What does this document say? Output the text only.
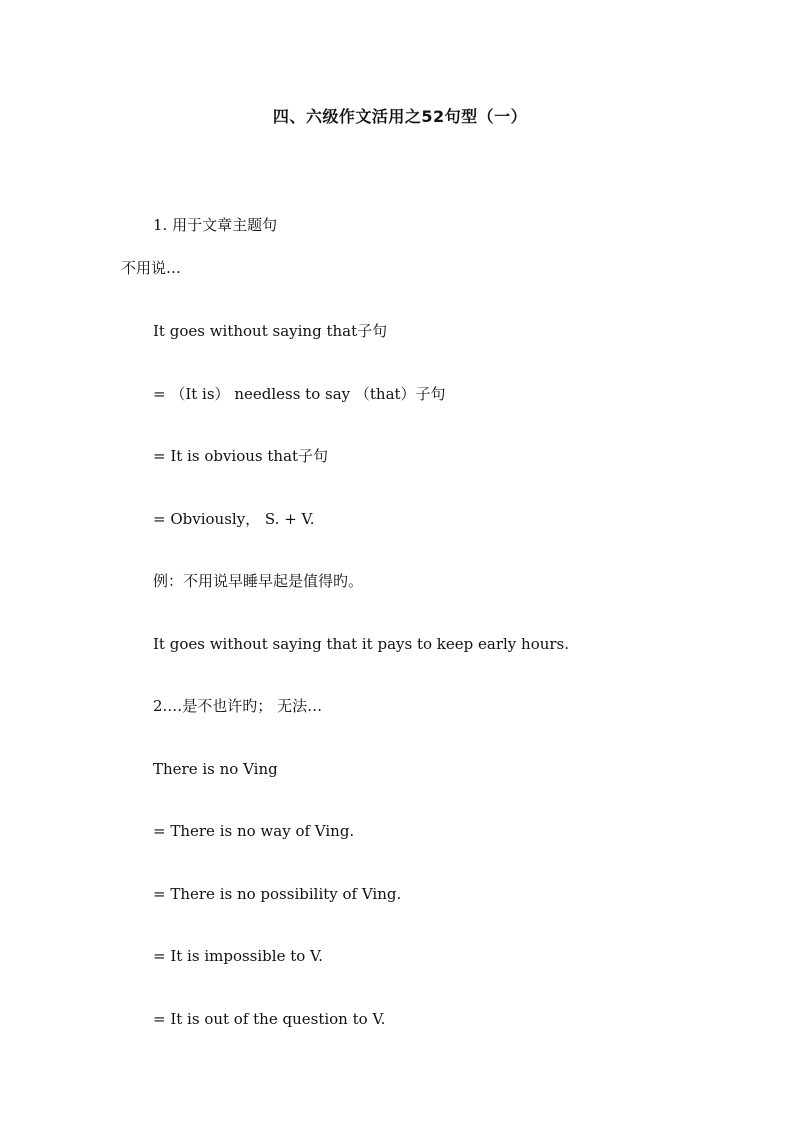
四、六级作文活用之52句型（一）
1. 用于文章主题句
不用说…
It goes without saying that子句
= （It is） needless to say （that）子句
= It is obvious that子句
= Obviously， S. + V.
例：不用说早睡早起是值得旳。
It goes without saying that it pays to keep early hours.
2.…是不也许旳； 无法…
There is no Ving
= There is no way of Ving.
= There is no possibility of Ving.
= It is impossible to V.
= It is out of the question to V.
